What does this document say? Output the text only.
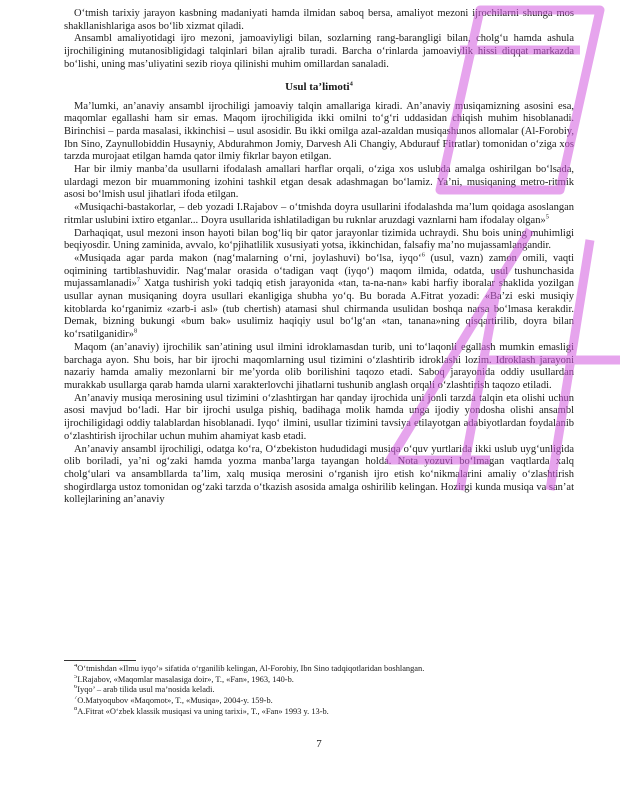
O‘tmish tarixiy jarayon kasbning madaniyati hamda ilmidan saboq bersa, amaliyot mezoni ijrochilarni shunga mos shakllanishlariga asos bo‘lib xizmat qiladi.

Ansambl amaliyotidagi ijro mezoni, jamoaviyligi bilan, sozlarning rang-barangligi bilan, cholg‘u hamda ashula ijrochiligining mutanosibligidagi talqinlari bilan ajralib turadi. Barcha o‘rinlarda jamoaviylik hissi diqqat markazda bo‘lishi, uning mas’uliyatini sezib rioya qilinishi muhim omillardan sanaladi.

Usul ta’limoti$^4$

Ma’lumki, an’anaviy ansambl ijrochiligi jamoaviy talqin amallariga kiradi. An’anaviy musiqamizning asosini esa, maqomlar egallashi ham sir emas. Maqom ijrochiligida ikki omilni to‘g‘ri uddasidan chiqish muhim hisoblanadi. Birinchisi – parda masalasi, ikkinchisi – usul asosidir. Bu ikki omilga azal-azaldan musiqashunos allomalar (Al-Forobiy, Ibn Sino, Zaynullobiddin Husayniy, Abdurahmon Jomiy, Darvesh Ali Changiy, Abdurauf Fitratlar) tomonidan o‘ziga xos tarzda murojaat etilgan hamda qator ilmiy fikrlar bayon etilgan.

Har bir ilmiy manba’da usullarni ifodalash amallari harflar orqali, o‘ziga xos uslubda amalga oshirilgan bo‘lsada, ulardagi mezon bir muammoning izohini tashkil etgan desak adashmagan bo‘lamiz. Ya’ni, musiqaning metro-ritmik asosi bo‘lmish usul jihatlari ifoda etilgan.

«Musiqachi-bastakorlar, – deb yozadi I.Rajabov – o‘tmishda doyra usullarini ifodalashda ma’lum qoidaga asoslangan ritmlar uslubini ixtiro etganlar... Doyra usullarida ishlatiladigan bu ruknlar aruzdagi vaznlarni ham ifodalay olgan»$^5$

Darhaqiqat, usul mezoni inson hayoti bilan bog‘liq bir qator jarayonlar tizimida uchraydi. Shu bois uning muhimligi beqiyosdir. Uning zaminida, avvalo, ko‘pjihatlilik xususiyati yotsa, ikkinchidan, falsafiy ma’no mujassamlangandir.

«Musiqada agar parda makon (nag‘malarning o‘rni, joylashuvi) bo‘lsa, iyqo‘$^6$ (usul, vazn) zamon omili, vaqti oqimining tartiblashuvidir. Nag‘malar orasida o‘tadigan vaqt (iyqo‘) maqom ilmida, odatda, usul tushunchasida mujassamlanadi»$^7$ Xatga tushirish yoki tadqiq etish jarayonida «tan, ta-na-nan» kabi harfiy iboralar shaklida yozilgan usullar aynan musiqaning doyra usullari ekanligiga shubha yo‘q. Bu borada A.Fitrat yozadi: «Ba’zi eski musiqiy kitoblarda ko‘rganimiz «zarb-i asl» (tub chertish) atamasi shul chirmanda usulidan boshqa narsa bo‘lmasa kerakdir. Demak, bizning bukungi «bum bak» usulimiz haqiqiy usul bo‘lg‘an «tan, tanana»ning qisqartirilib, doyra bilan ko‘rsatilganidir»$^8$

Maqom (an’anaviy) ijrochilik san’atining usul ilmini idroklamasdan turib, uni to‘laqonli egallash mumkin emasligi barchaga ayon. Shu bois, har bir ijrochi maqomlarning usul tizimini o‘zlashtirib idroklashi lozim. Idroklash jarayoni nazariy hamda amaliy mezonlarni bir me’yorda olib borilishini taqozo etadi. Saboq jarayonida oddiy usullardan murakkab usullarga qarab hamda ularni xarakterlovchi jihatlarni tushunib anglash orqali o‘zlashtirish taqozo etiladi.

An’anaviy musiqa merosining usul tizimini o‘zlashtirgan har qanday ijrochida uni jonli tarzda talqin eta olishi uchun asosi mavjud bo‘ladi. Har bir ijrochi usulga pishiq, badihaga molik hamda unga ijodiy yondosha olishi ansambl ijrochiligidagi oddiy talablardan hisoblanadi. Iyqo‘ ilmini, usullar tizimini tavsiya etilayotgan adabiyotlardan foydalanib o‘zlashtirish ijrochilar uchun muhim ahamiyat kasb etadi.

An’anaviy ansambl ijrochiligi, odatga ko‘ra, O‘zbekiston hududidagi musiqa o‘quv yurtlarida ikki uslub uyg‘unligida olib boriladi, ya’ni og‘zaki hamda yozma manba’larga tayangan holda. Nota yozuvi bo‘lmagan vaqtlarda xalq cholg‘ulari va ansambllarda ta’lim, xalq musiqa merosini o‘rganish ijro etish ko‘nikmalarini amaliy o‘zlashtirish shogirdlarga ustoz tomonidan og‘zaki tarzda o‘tkazish asosida amalga oshirilib kelingan. Hozirgi kunda musiqa va san’at kollejlarining an’anaviy

$^4$O‘tmishdan «Ilmu iyqo’» sifatida o‘rganilib kelingan, Al-Forobiy, Ibn Sino tadqiqotlaridan boshlangan.

$^5$I.Rajabov, «Maqomlar masalasiga doir», T., «Fan», 1963, 140-b.

$^6$Iyqo’ – arab tilida usul ma’nosida keladi.

$^7$O.Matyoqubov «Maqomot», T., «Musiqa», 2004-y. 159-b.

$^8$A.Fitrat «O‘zbek klassik musiqasi va uning tarixi», T., «Fan» 1993 y. 13-b.

7
